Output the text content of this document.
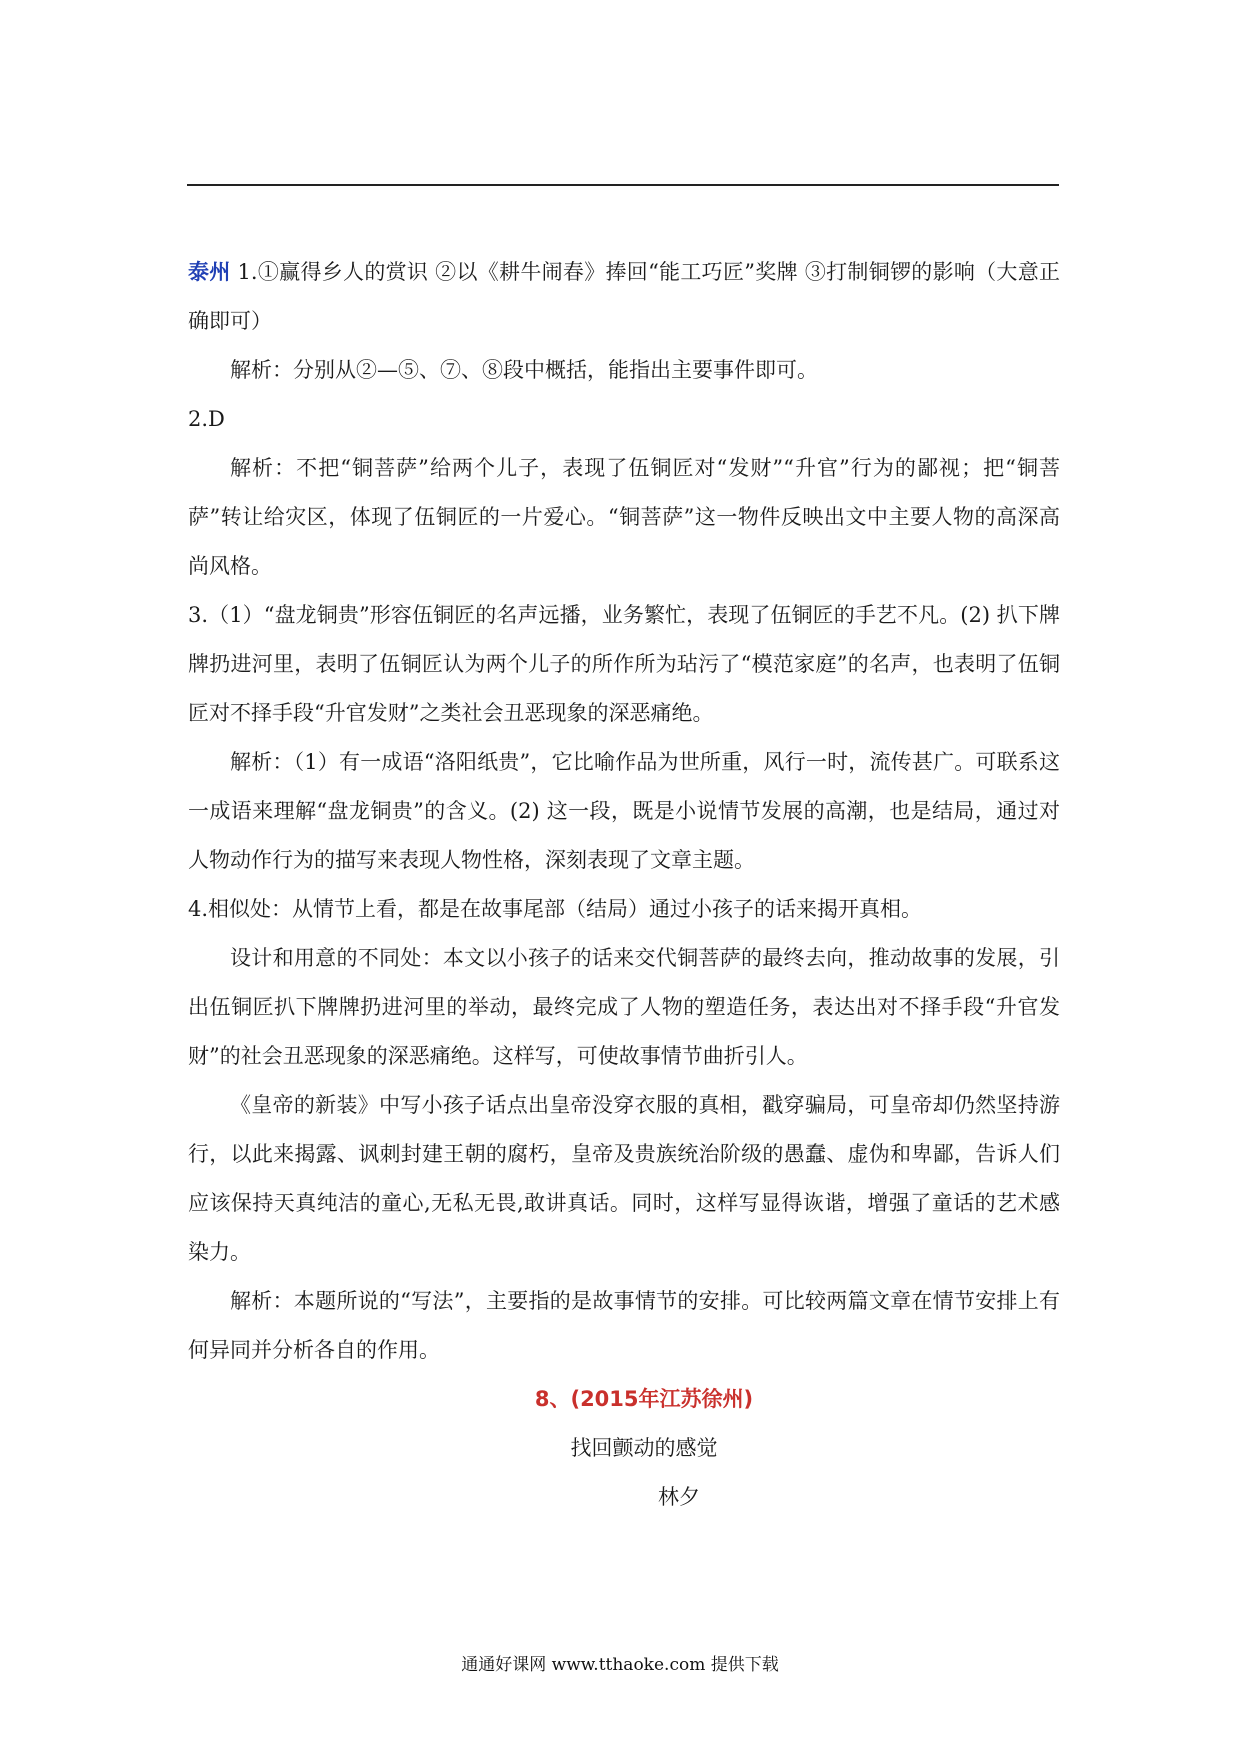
泰州 1.①赢得乡人的赏识 ②以《耕牛闹春》捧回“能工巧匠”奖牌 ③打制铜锣的影响（大意正确即可）

解析：分别从②—⑤、⑦、⑧段中概括，能指出主要事件即可。

2.D

解析：不把“铜菩萨”给两个儿子，表现了伍铜匠对“发财”“升官”行为的鄙视；把“铜菩萨”转让给灾区，体现了伍铜匠的一片爱心。“铜菩萨”这一物件反映出文中主要人物的高深高尚风格。

3.（1）“盘龙铜贵”形容伍铜匠的名声远播，业务繁忙，表现了伍铜匠的手艺不凡。(2) 扒下牌牌扔进河里，表明了伍铜匠认为两个儿子的所作所为玷污了“模范家庭”的名声，也表明了伍铜匠对不择手段“升官发财”之类社会丑恶现象的深恶痛绝。

解析：（1）有一成语“洛阳纸贵”，它比喻作品为世所重，风行一时，流传甚广。可联系这一成语来理解“盘龙铜贵”的含义。(2) 这一段，既是小说情节发展的高潮，也是结局，通过对人物动作行为的描写来表现人物性格，深刻表现了文章主题。

4.相似处：从情节上看，都是在故事尾部（结局）通过小孩子的话来揭开真相。

设计和用意的不同处：本文以小孩子的话来交代铜菩萨的最终去向，推动故事的发展，引出伍铜匠扒下牌牌扔进河里的举动，最终完成了人物的塑造任务，表达出对不择手段“升官发财”的社会丑恶现象的深恶痛绝。这样写，可使故事情节曲折引人。

《皇帝的新装》中写小孩子话点出皇帝没穿衣服的真相，戳穿骗局，可皇帝却仍然坚持游行，以此来揭露、讽刺封建王朝的腐朽，皇帝及贵族统治阶级的愚蠢、虚伪和卑鄙，告诉人们应该保持天真纯洁的童心,无私无畏,敢讲真话。同时，这样写显得诙谐，增强了童话的艺术感染力。

解析：本题所说的“写法”，主要指的是故事情节的安排。可比较两篇文章在情节安排上有何异同并分析各自的作用。

8、(2015年江苏徐州)

找回颤动的感觉

林夕

通通好课网 www.tthaoke.com 提供下载
